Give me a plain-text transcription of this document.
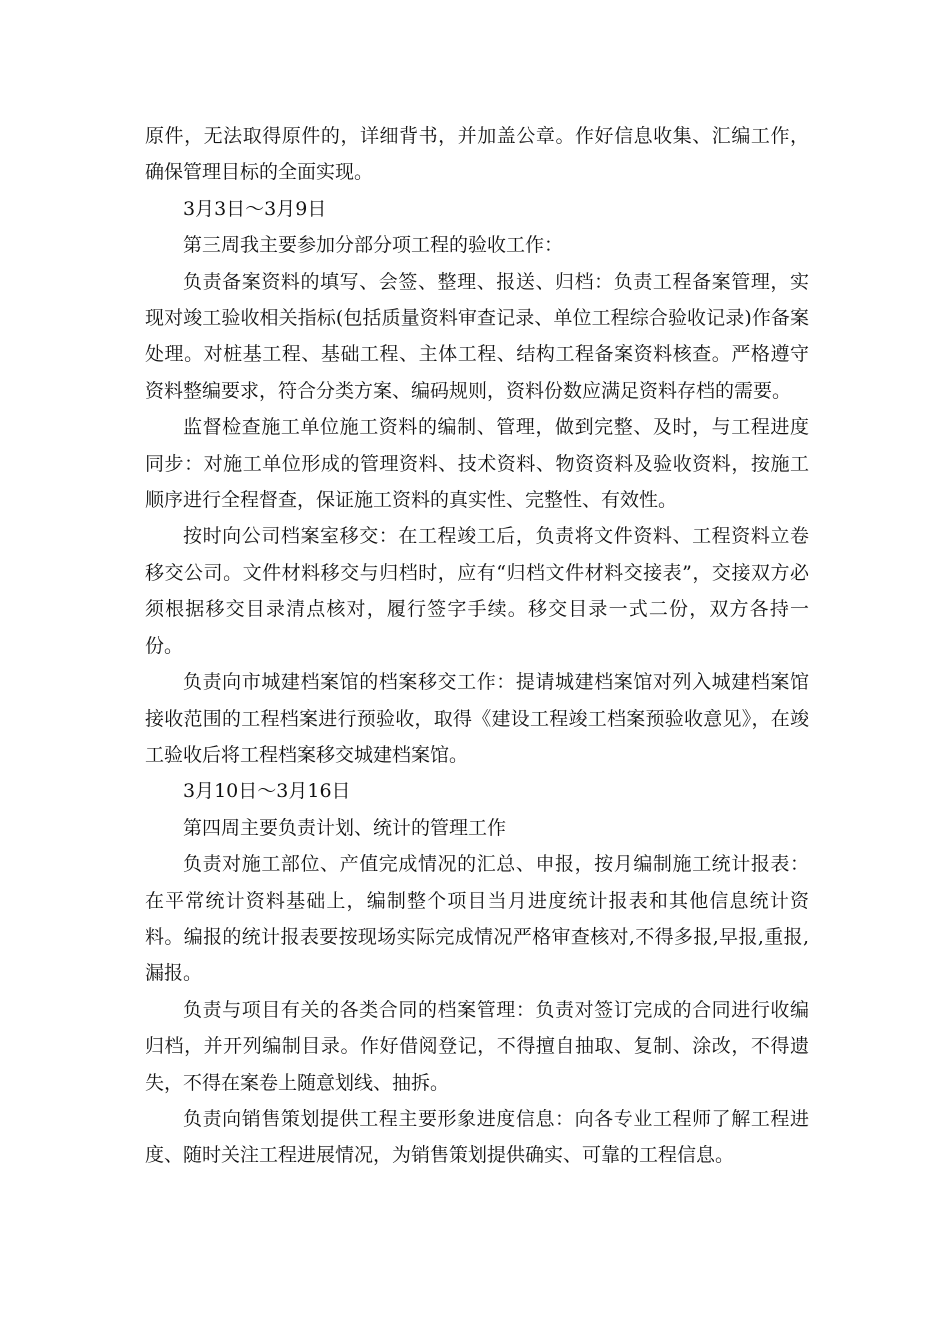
原件，无法取得原件的，详细背书，并加盖公章。作好信息收集、汇编工作，确保管理目标的全面实现。

3月3日～3月9日

第三周我主要参加分部分项工程的验收工作：

负责备案资料的填写、会签、整理、报送、归档：负责工程备案管理，实现对竣工验收相关指标(包括质量资料审查记录、单位工程综合验收记录)作备案处理。对桩基工程、基础工程、主体工程、结构工程备案资料核查。严格遵守资料整编要求，符合分类方案、编码规则，资料份数应满足资料存档的需要。

监督检查施工单位施工资料的编制、管理，做到完整、及时，与工程进度同步：对施工单位形成的管理资料、技术资料、物资资料及验收资料，按施工顺序进行全程督查，保证施工资料的真实性、完整性、有效性。

按时向公司档案室移交：在工程竣工后，负责将文件资料、工程资料立卷移交公司。文件材料移交与归档时，应有“归档文件材料交接表”，交接双方必须根据移交目录清点核对，履行签字手续。移交目录一式二份，双方各持一份。

负责向市城建档案馆的档案移交工作：提请城建档案馆对列入城建档案馆接收范围的工程档案进行预验收，取得《建设工程竣工档案预验收意见》，在竣工验收后将工程档案移交城建档案馆。

3月10日～3月16日

第四周主要负责计划、统计的管理工作

负责对施工部位、产值完成情况的汇总、申报，按月编制施工统计报表：在平常统计资料基础上，编制整个项目当月进度统计报表和其他信息统计资料。编报的统计报表要按现场实际完成情况严格审查核对,不得多报,早报,重报,漏报。

负责与项目有关的各类合同的档案管理：负责对签订完成的合同进行收编归档，并开列编制目录。作好借阅登记，不得擅自抽取、复制、涂改，不得遗失，不得在案卷上随意划线、抽拆。

负责向销售策划提供工程主要形象进度信息：向各专业工程师了解工程进度、随时关注工程进展情况，为销售策划提供确实、可靠的工程信息。
